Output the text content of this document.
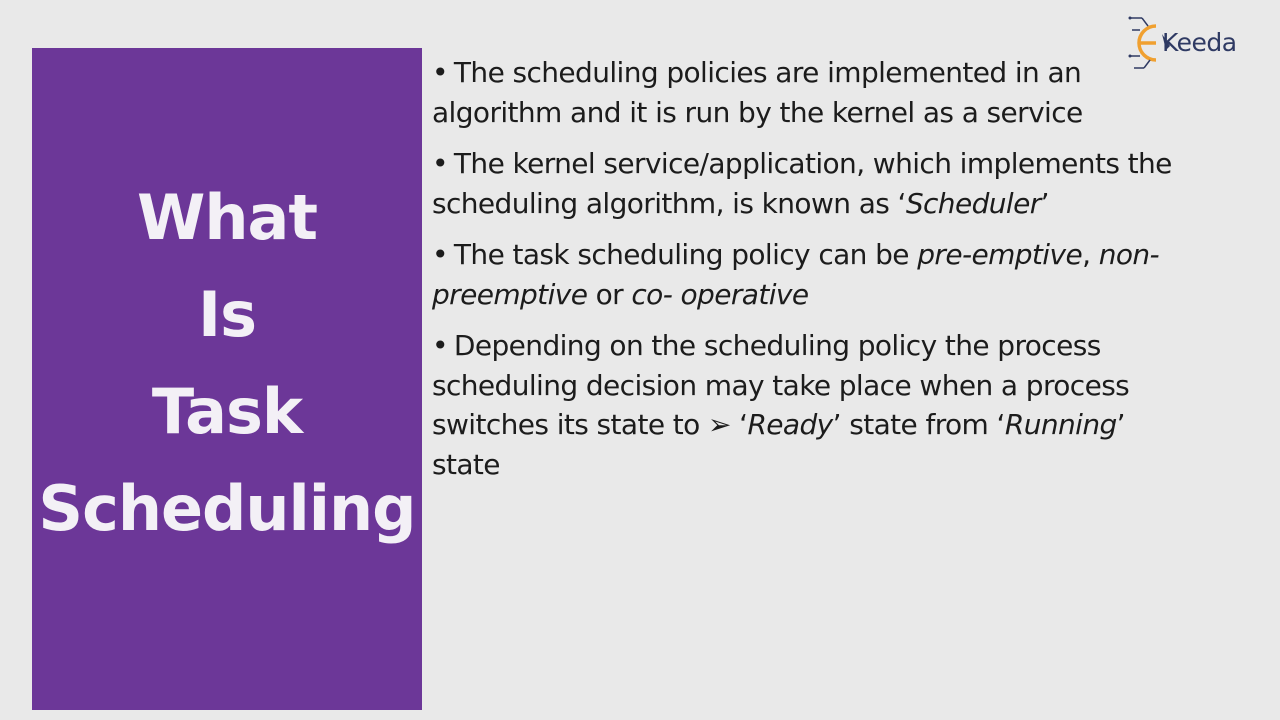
What
Is
Task
Scheduling
• The scheduling policies are implemented in an algorithm and it is run by the kernel as a service
• The kernel service/application, which implements the scheduling algorithm, is known as ‘Scheduler’
• The task scheduling policy can be pre-emptive, non-preemptive or co- operative
• Depending on the scheduling policy the process scheduling decision may take place when a process switches its state to ➢ ‘Ready’ state from ‘Running’ state
Keeda
